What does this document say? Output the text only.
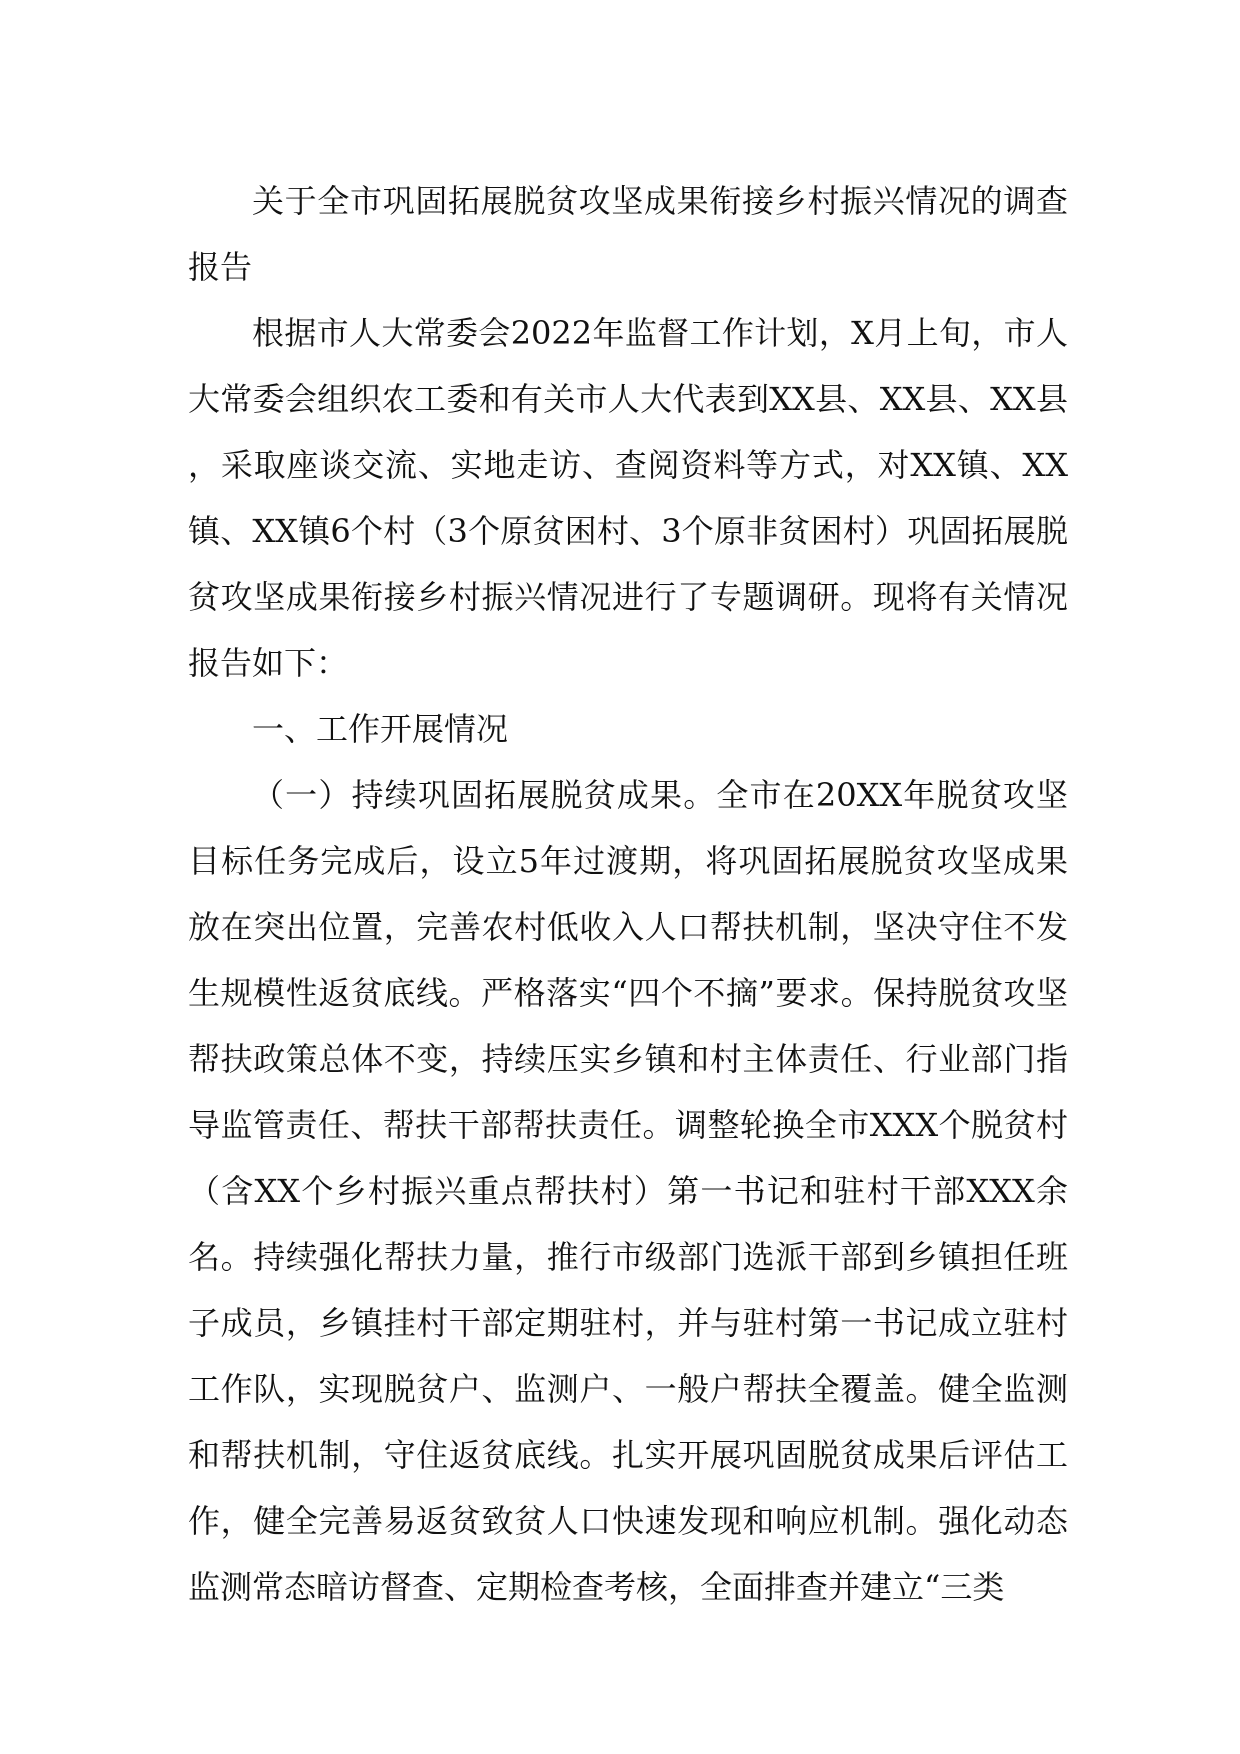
关于全市巩固拓展脱贫攻坚成果衔接乡村振兴情况的调查报告

根据市人大常委会2022年监督工作计划，X月上旬，市人大常委会组织农工委和有关市人大代表到XX县、XX县、XX县，采取座谈交流、实地走访、查阅资料等方式，对XX镇、XX镇、XX镇6个村（3个原贫困村、3个原非贫困村）巩固拓展脱贫攻坚成果衔接乡村振兴情况进行了专题调研。现将有关情况报告如下：

一、工作开展情况

（一）持续巩固拓展脱贫成果。全市在20XX年脱贫攻坚目标任务完成后，设立5年过渡期，将巩固拓展脱贫攻坚成果放在突出位置，完善农村低收入人口帮扶机制，坚决守住不发生规模性返贫底线。严格落实“四个不摘”要求。保持脱贫攻坚帮扶政策总体不变，持续压实乡镇和村主体责任、行业部门指导监管责任、帮扶干部帮扶责任。调整轮换全市XXX个脱贫村（含XX个乡村振兴重点帮扶村）第一书记和驻村干部XXX余名。持续强化帮扶力量，推行市级部门选派干部到乡镇担任班子成员，乡镇挂村干部定期驻村，并与驻村第一书记成立驻村工作队，实现脱贫户、监测户、一般户帮扶全覆盖。健全监测和帮扶机制，守住返贫底线。扎实开展巩固脱贫成果后评估工作，健全完善易返贫致贫人口快速发现和响应机制。强化动态监测常态暗访督查、定期检查考核，全面排查并建立“三类
